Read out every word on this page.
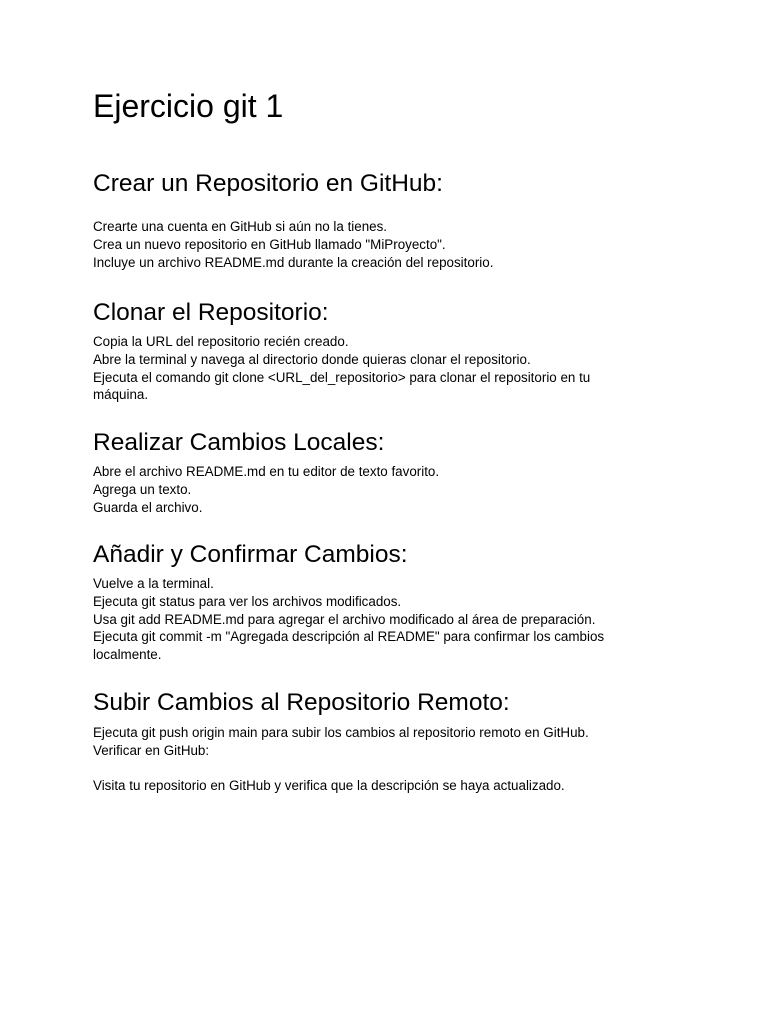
Ejercicio git 1
Crear un Repositorio en GitHub:
Crearte una cuenta en GitHub si aún no la tienes.
Crea un nuevo repositorio en GitHub llamado "MiProyecto".
Incluye un archivo README.md durante la creación del repositorio.
Clonar el Repositorio:
Copia la URL del repositorio recién creado.
Abre la terminal y navega al directorio donde quieras clonar el repositorio.
Ejecuta el comando git clone <URL_del_repositorio> para clonar el repositorio en tu
máquina.
Realizar Cambios Locales:
Abre el archivo README.md en tu editor de texto favorito.
Agrega un texto.
Guarda el archivo.
Añadir y Confirmar Cambios:
Vuelve a la terminal.
Ejecuta git status para ver los archivos modificados.
Usa git add README.md para agregar el archivo modificado al área de preparación.
Ejecuta git commit -m "Agregada descripción al README" para confirmar los cambios
localmente.
Subir Cambios al Repositorio Remoto:
Ejecuta git push origin main para subir los cambios al repositorio remoto en GitHub.
Verificar en GitHub:
Visita tu repositorio en GitHub y verifica que la descripción se haya actualizado.
